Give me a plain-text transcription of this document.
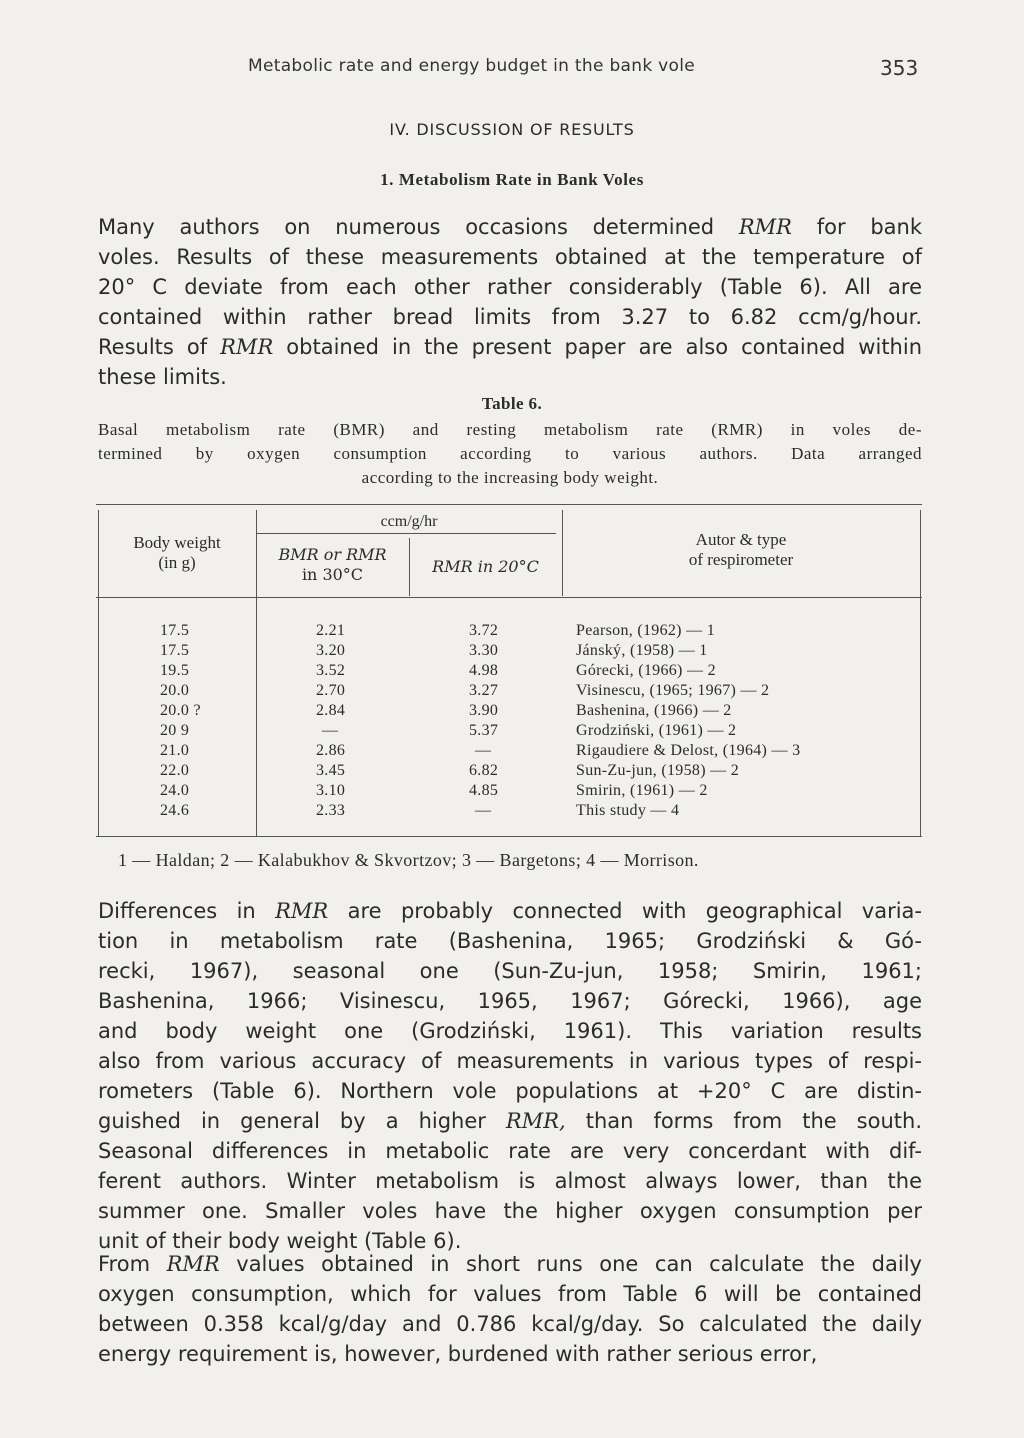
Metabolic rate and energy budget in the bank vole	353
IV. DISCUSSION OF RESULTS
1. Metabolism Rate in Bank Voles
Many authors on numerous occasions determined RMR for bank
voles. Results of these measurements obtained at the temperature of
20° C deviate from each other rather considerably (Table 6). All are
contained within rather bread limits from 3.27 to 6.82 ccm/g/hour.
Results of RMR obtained in the present paper are also contained within
these limits.
Table 6.
Basal metabolism rate (BMR) and resting metabolism rate (RMR) in voles de-
termined by oxygen consumption according to various authors. Data arranged
according to the increasing body weight.
Body weight
(in g)
ccm/g/hr
BMR or RMR
in 30°C	RMR in 20°C
Autor & type
of respirometer
17.5
17.5
19.5
20.0
20.0 ?
20 9
21.0
22.0
24.0
24.6
2.21
3.20
3.52
2.70
2.84
—
2.86
3.45
3.10
2.33
3.72
3.30
4.98
3.27
3.90
5.37
—
6.82
4.85
—
Pearson, (1962) — 1
Jánský, (1958) — 1
Górecki, (1966) — 2
Visinescu, (1965; 1967) — 2
Bashenina, (1966) — 2
Grodziński, (1961) — 2
Rigaudiere & Delost, (1964) — 3
Sun-Zu-jun, (1958) — 2
Smirin, (1961) — 2
This study — 4
1 — Haldan; 2 — Kalabukhov & Skvortzov; 3 — Bargetons; 4 — Morrison.
Differences in RMR are probably connected with geographical varia-
tion in metabolism rate (Bashenina, 1965; Grodziński & Gó-
recki, 1967), seasonal one (Sun-Zu-jun, 1958; Smirin, 1961;
Bashenina, 1966; Visinescu, 1965, 1967; Górecki, 1966), age
and body weight one (Grodziński, 1961). This variation results
also from various accuracy of measurements in various types of respi-
rometers (Table 6). Northern vole populations at +20° C are distin-
guished in general by a higher RMR, than forms from the south.
Seasonal differences in metabolic rate are very concerdant with dif-
ferent authors. Winter metabolism is almost always lower, than the
summer one. Smaller voles have the higher oxygen consumption per
unit of their body weight (Table 6).
From RMR values obtained in short runs one can calculate the daily
oxygen consumption, which for values from Table 6 will be contained
between 0.358 kcal/g/day and 0.786 kcal/g/day. So calculated the daily
energy requirement is, however, burdened with rather serious error,
